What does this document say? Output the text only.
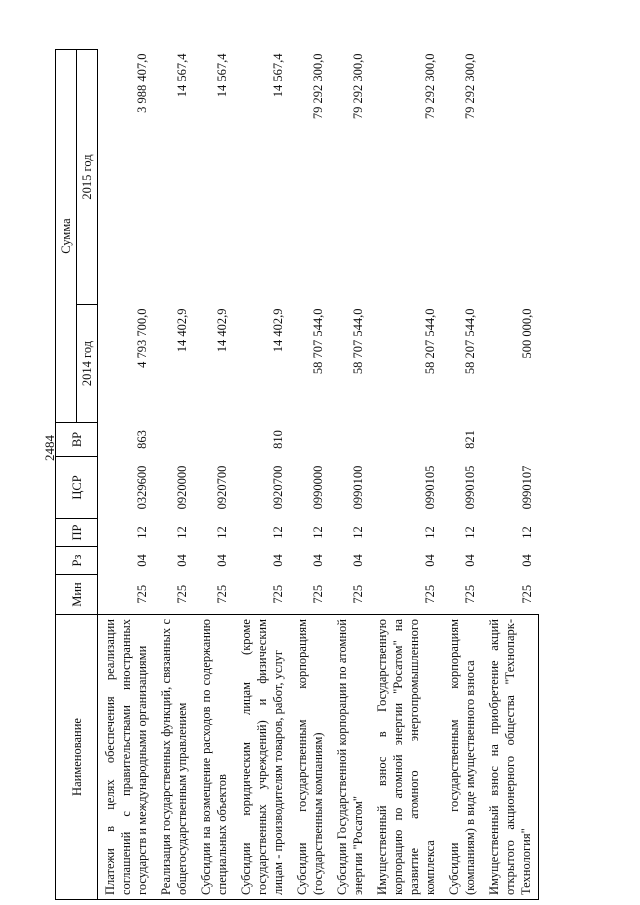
2484
Наименование	Мин	Рз	ПР	ЦСР	ВР	Сумма	
						2014 год	2015 год
Платежи в целях обеспечения реализации соглашений с правительствами иностранных государств и международными организациями	725	04	12	0329600	863	4 793 700,0	3 988 407,0
Реализация государственных функций, связанных с общегосударственным управлением	725	04	12	0920000		14 402,9	14 567,4
Субсидии на возмещение расходов по содержанию специальных объектов	725	04	12	0920700		14 402,9	14 567,4
Субсидии юридическим лицам (кроме государственных учреждений) и физическим лицам - производителям товаров, работ, услуг	725	04	12	0920700	810	14 402,9	14 567,4
Субсидии государственным корпорациям (государственным компаниям)	725	04	12	0990000		58 707 544,0	79 292 300,0
Субсидии Государственной корпорации по атомной энергии "Росатом"	725	04	12	0990100		58 707 544,0	79 292 300,0
Имущественный взнос в Государственную корпорацию по атомной энергии "Росатом" на развитие атомного энергопромышленного комплекса	725	04	12	0990105		58 207 544,0	79 292 300,0
Субсидии государственным корпорациям (компаниям) в виде имущественного взноса	725	04	12	0990105	821	58 207 544,0	79 292 300,0
Имущественный взнос на приобретение акций открытого акционерного общества "Технопарк-Технология"	725	04	12	0990107		500 000,0	
